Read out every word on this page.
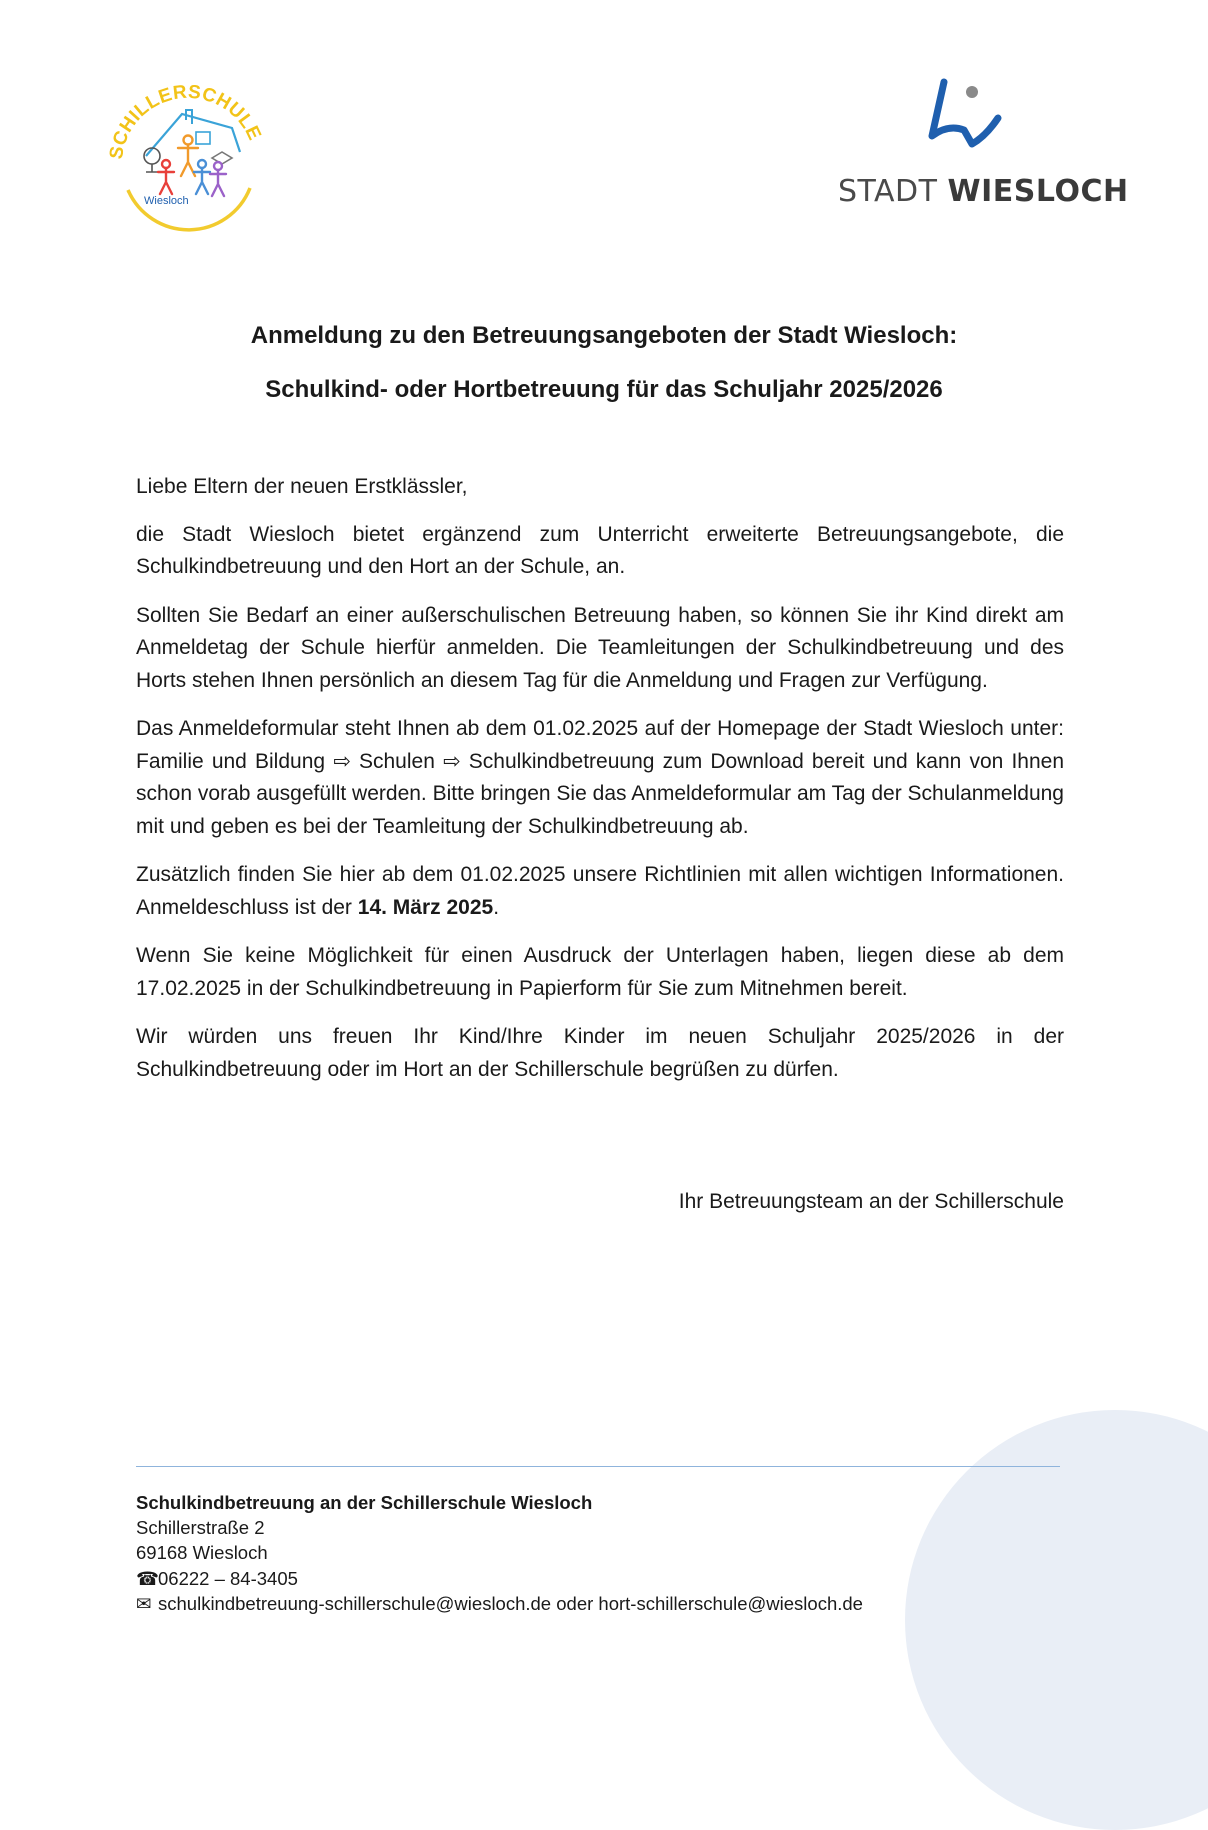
SCHILLERSCHULE
Wiesloch	STADT WIESLOCH
Anmeldung zu den Betreuungsangeboten der Stadt Wiesloch:
Schulkind- oder Hortbetreuung für das Schuljahr 2025/2026

Liebe Eltern der neuen Erstklässler,

die Stadt Wiesloch bietet ergänzend zum Unterricht erweiterte Betreuungsangebote, die Schulkindbetreuung und den Hort an der Schule, an.

Sollten Sie Bedarf an einer außerschulischen Betreuung haben, so können Sie ihr Kind direkt am Anmeldetag der Schule hierfür anmelden. Die Teamleitungen der Schulkindbetreuung und des Horts stehen Ihnen persönlich an diesem Tag für die Anmeldung und Fragen zur Verfügung.

Das Anmeldeformular steht Ihnen ab dem 01.02.2025 auf der Homepage der Stadt Wiesloch unter: Familie und Bildung ⇨ Schulen ⇨ Schulkindbetreuung zum Download bereit und kann von Ihnen schon vorab ausgefüllt werden. Bitte bringen Sie das Anmeldeformular am Tag der Schulanmeldung mit und geben es bei der Teamleitung der Schulkindbetreuung ab.

Zusätzlich finden Sie hier ab dem 01.02.2025 unsere Richtlinien mit allen wichtigen Informationen. Anmeldeschluss ist der 14. März 2025.

Wenn Sie keine Möglichkeit für einen Ausdruck der Unterlagen haben, liegen diese ab dem 17.02.2025 in der Schulkindbetreuung in Papierform für Sie zum Mitnehmen bereit.

Wir würden uns freuen Ihr Kind/Ihre Kinder im neuen Schuljahr 2025/2026 in der Schulkindbetreuung oder im Hort an der Schillerschule begrüßen zu dürfen.

Ihr Betreuungsteam an der Schillerschule
Schulkindbetreuung an der Schillerschule Wiesloch
Schillerstraße 2
69168 Wiesloch
☎06222 – 84-3405
✉ schulkindbetreuung-schillerschule@wiesloch.de oder hort-schillerschule@wiesloch.de
